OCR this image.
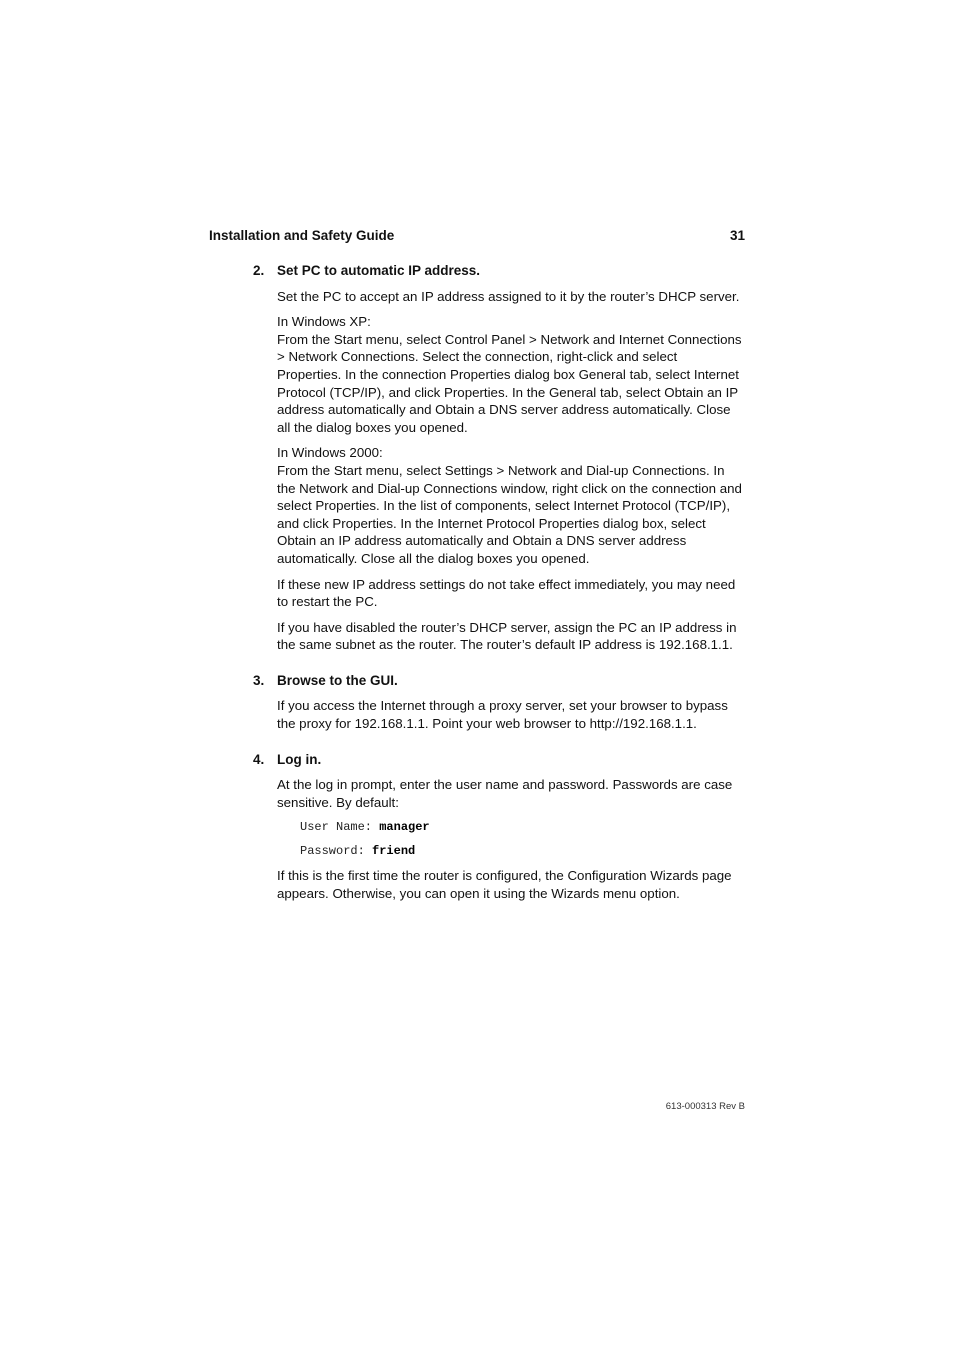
Installation and Safety Guide	31
2. Set PC to automatic IP address.

Set the PC to accept an IP address assigned to it by the router’s DHCP server.

In Windows XP:

From the Start menu, select Control Panel > Network and Internet Connections > Network Connections. Select the connection, right-click and select Properties. In the connection Properties dialog box General tab, select Internet Protocol (TCP/IP), and click Properties. In the General tab, select Obtain an IP address automatically and Obtain a DNS server address automatically. Close all the dialog boxes you opened.

In Windows 2000:

From the Start menu, select Settings > Network and Dial-up Connections. In the Network and Dial-up Connections window, right click on the connection and select Properties. In the list of components, select Internet Protocol (TCP/IP), and click Properties. In the Internet Protocol Properties dialog box, select Obtain an IP address automatically and Obtain a DNS server address automatically. Close all the dialog boxes you opened.

If these new IP address settings do not take effect immediately, you may need to restart the PC.

If you have disabled the router’s DHCP server, assign the PC an IP address in the same subnet as the router. The router’s default IP address is 192.168.1.1.

3. Browse to the GUI.

If you access the Internet through a proxy server, set your browser to bypass the proxy for 192.168.1.1. Point your web browser to http://192.168.1.1.

4. Log in.

At the log in prompt, enter the user name and password. Passwords are case sensitive. By default:

User Name: manager
Password: friend

If this is the first time the router is configured, the Configuration Wizards page appears. Otherwise, you can open it using the Wizards menu option.

613-000313 Rev B
